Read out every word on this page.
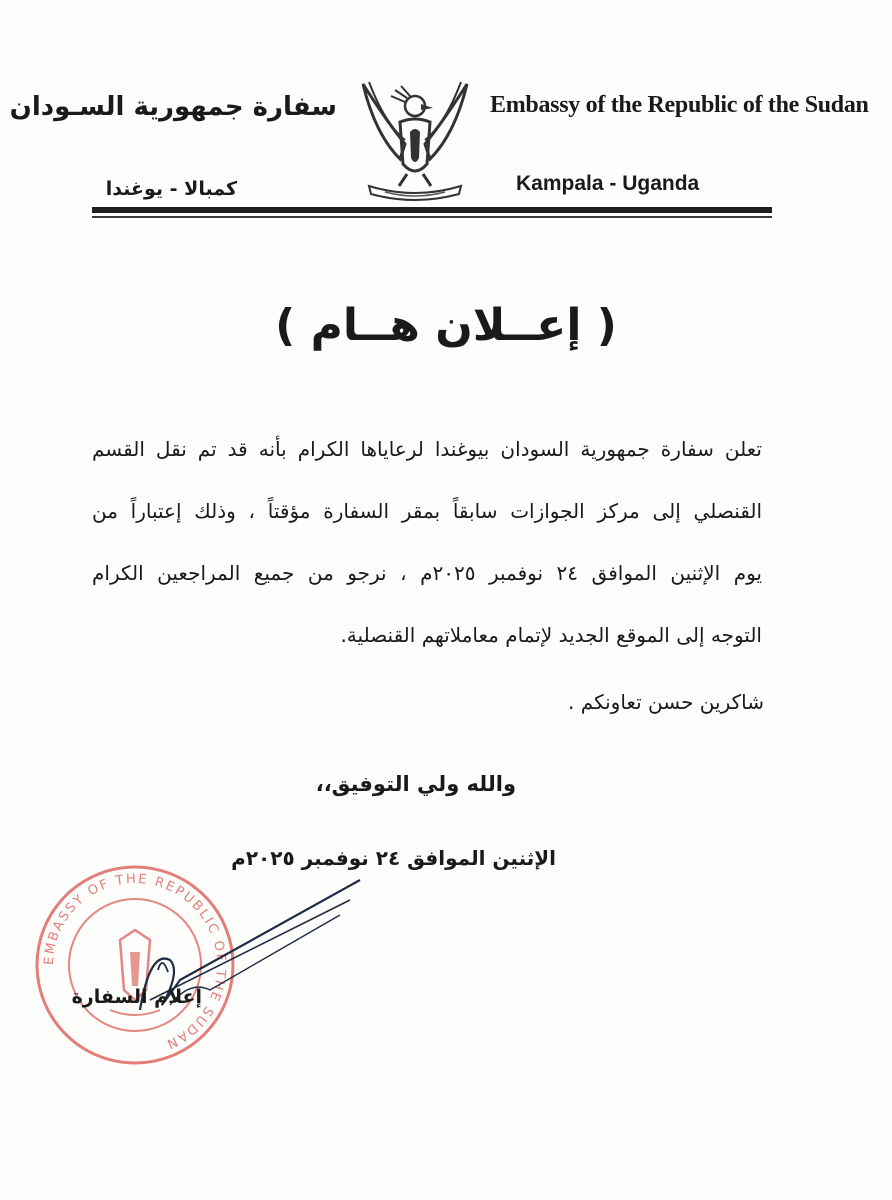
سفارة جمهورية السـودان
كمبالا - يوغندا
Embassy of the Republic of the Sudan
Kampala - Uganda
( إعــلان هــام )
تعلن سفارة جمهورية السودان بيوغندا لرعاياها الكرام بأنه قد تم نقل القسم
القنصلي إلى مركز الجوازات سابقاً بمقر السفارة مؤقتاً ، وذلك إعتباراً من
يوم الإثنين الموافق ٢٤ نوفمبر ٢٠٢٥م ، نرجو من جميع المراجعين الكرام
التوجه إلى الموقع الجديد لإتمام معاملاتهم القنصلية.
شاكرين حسن تعاونكم .
والله ولي التوفيق،،
الإثنين الموافق ٢٤ نوفمبر ٢٠٢٥م
EMBASSY OF THE REPUBLIC OF THE SUDAN
إعلام السفارة
